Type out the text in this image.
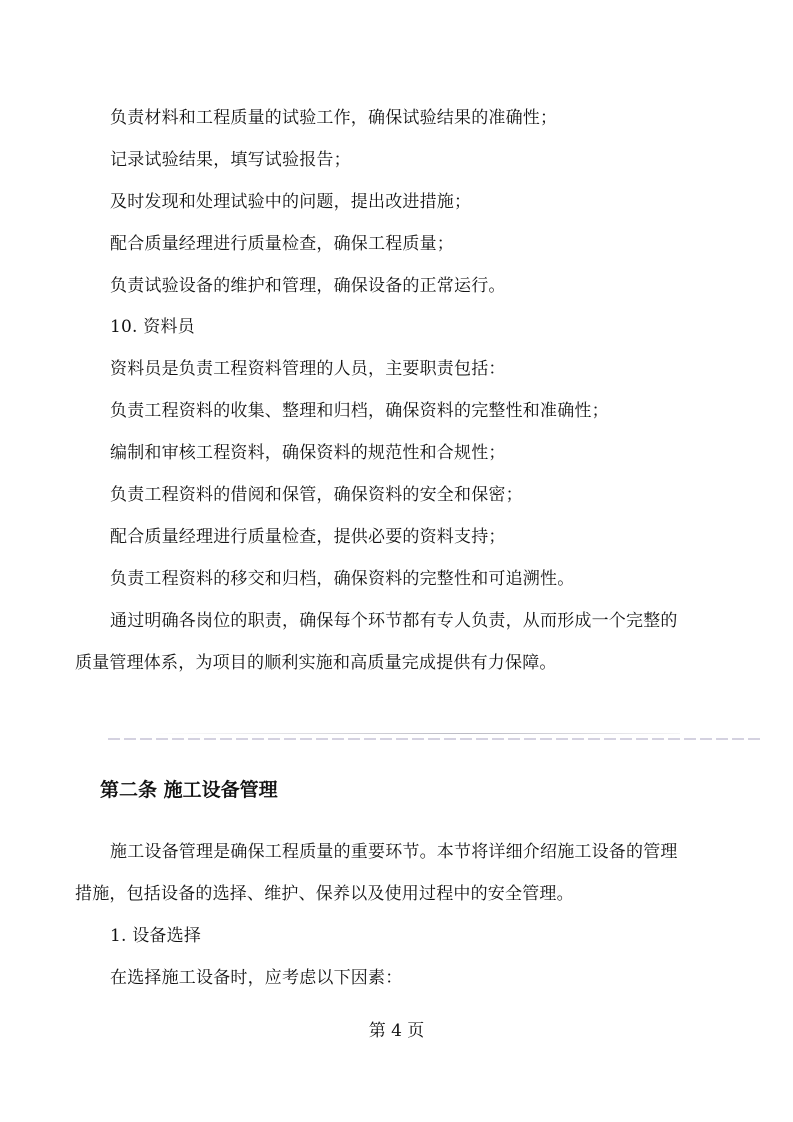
负责材料和工程质量的试验工作，确保试验结果的准确性；
记录试验结果，填写试验报告；
及时发现和处理试验中的问题，提出改进措施；
配合质量经理进行质量检查，确保工程质量；
负责试验设备的维护和管理，确保设备的正常运行。
10. 资料员
资料员是负责工程资料管理的人员，主要职责包括：
负责工程资料的收集、整理和归档，确保资料的完整性和准确性；
编制和审核工程资料，确保资料的规范性和合规性；
负责工程资料的借阅和保管，确保资料的安全和保密；
配合质量经理进行质量检查，提供必要的资料支持；
负责工程资料的移交和归档，确保资料的完整性和可追溯性。
通过明确各岗位的职责，确保每个环节都有专人负责，从而形成一个完整的
质量管理体系，为项目的顺利实施和高质量完成提供有力保障。
第二条 施工设备管理
施工设备管理是确保工程质量的重要环节。本节将详细介绍施工设备的管理
措施，包括设备的选择、维护、保养以及使用过程中的安全管理。
1. 设备选择
在选择施工设备时，应考虑以下因素：
第 4 页
